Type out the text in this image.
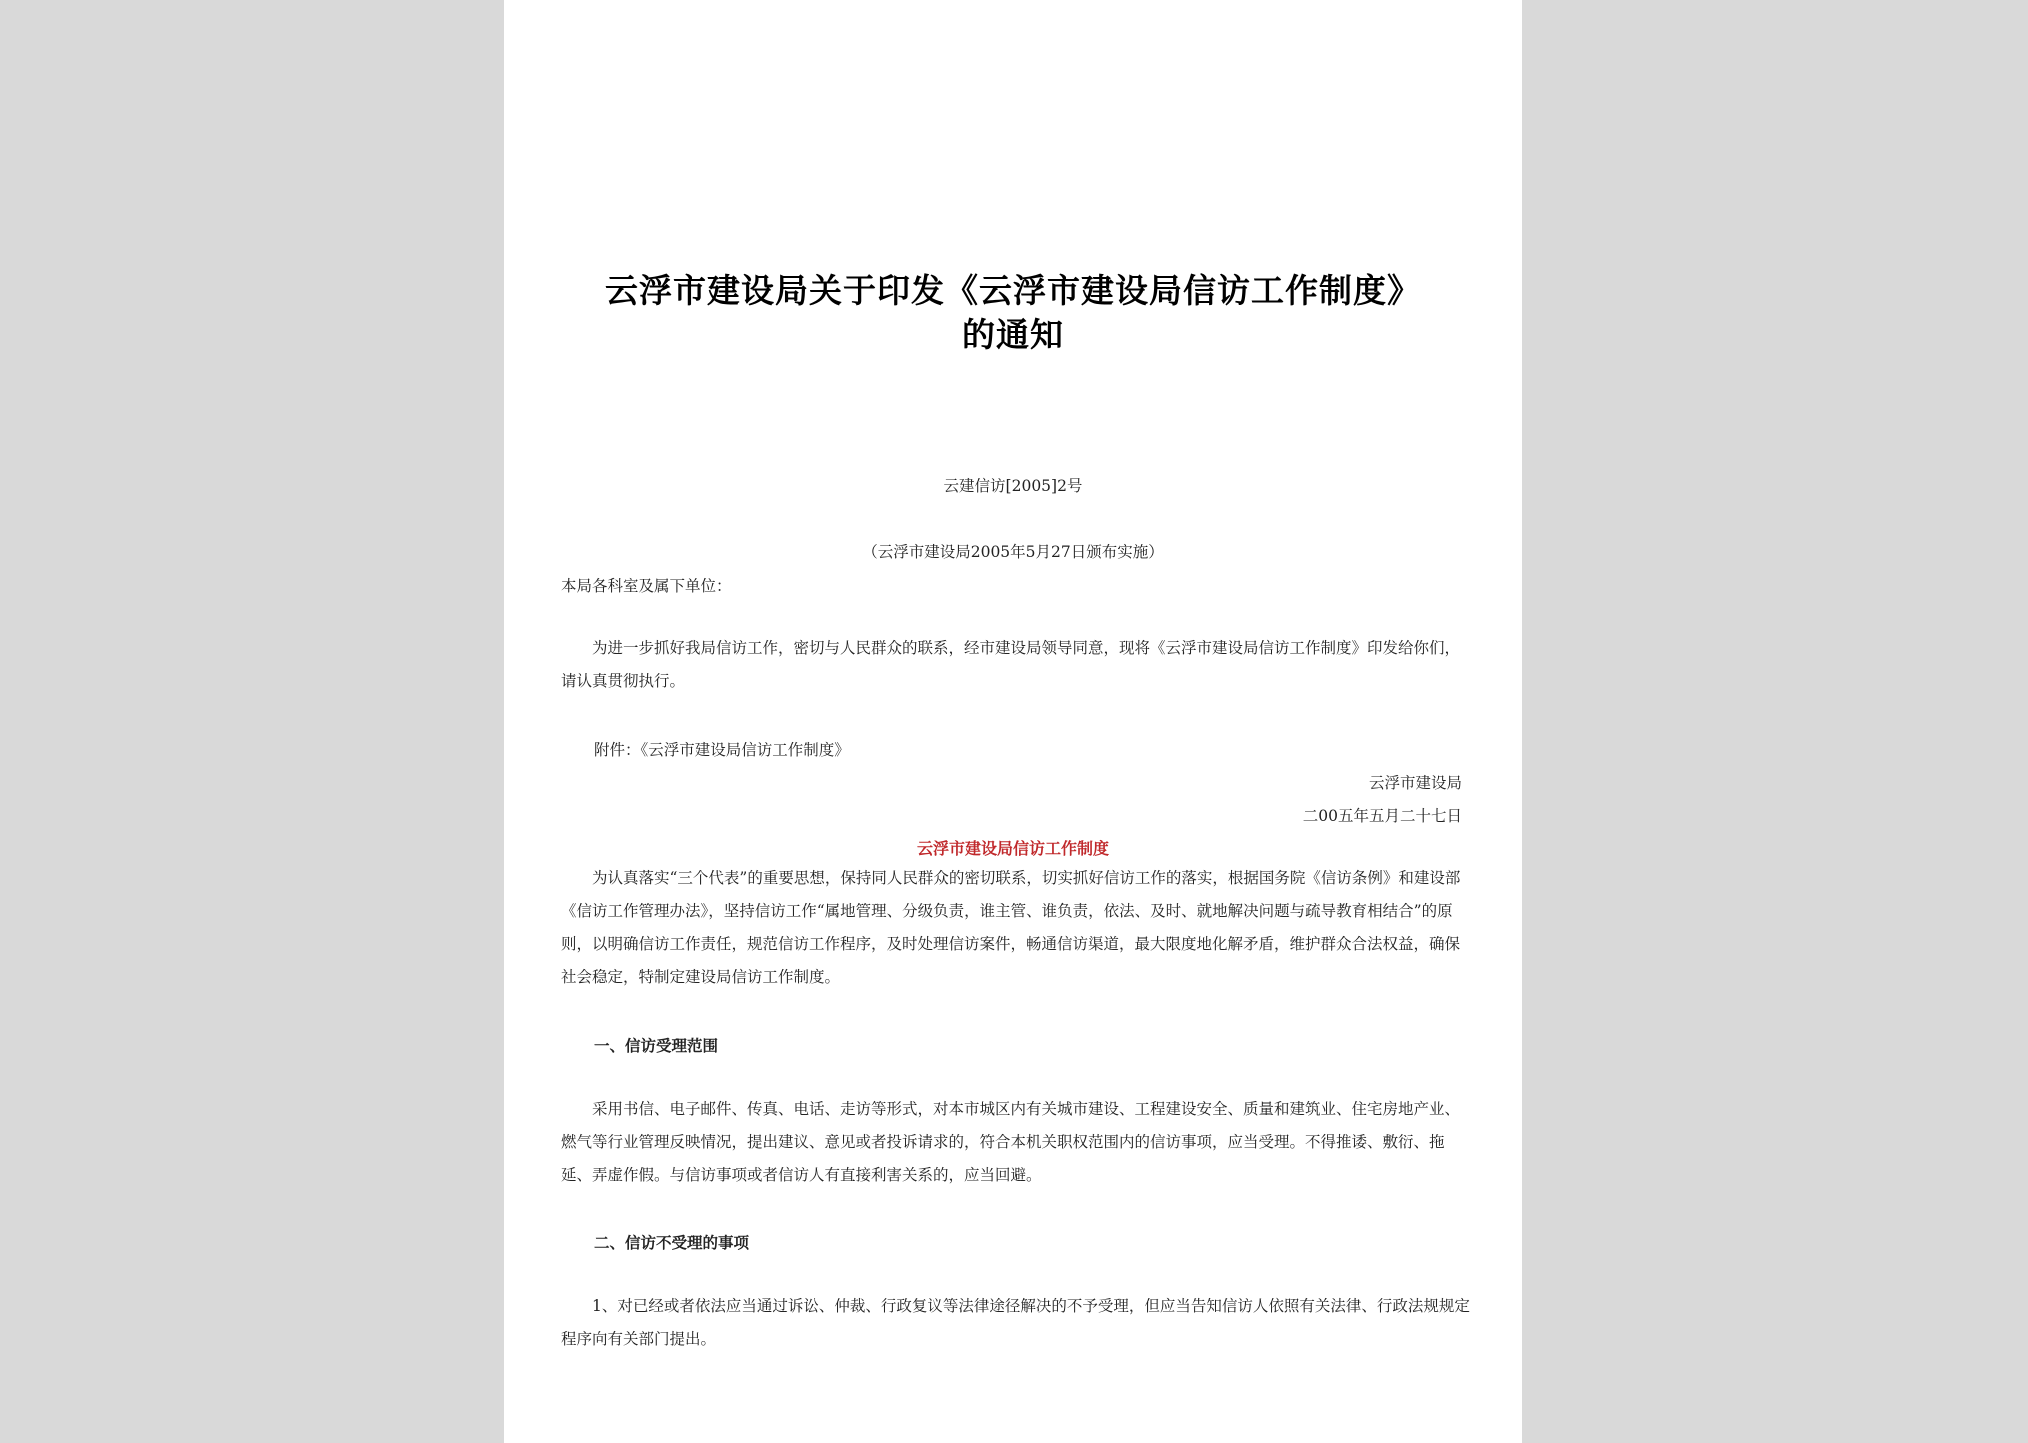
云浮市建设局关于印发《云浮市建设局信访工作制度》
的通知
云建信访[2005]2号
（云浮市建设局2005年5月27日颁布实施）
本局各科室及属下单位：
为进一步抓好我局信访工作，密切与人民群众的联系，经市建设局领导同意，现将《云浮市建设局信访工作制度》印发给你们，请认真贯彻执行。
附件：《云浮市建设局信访工作制度》
云浮市建设局
二00五年五月二十七日
云浮市建设局信访工作制度
为认真落实“三个代表”的重要思想，保持同人民群众的密切联系，切实抓好信访工作的落实，根据国务院《信访条例》和建设部《信访工作管理办法》，坚持信访工作“属地管理、分级负责，谁主管、谁负责，依法、及时、就地解决问题与疏导教育相结合”的原则，以明确信访工作责任，规范信访工作程序，及时处理信访案件，畅通信访渠道，最大限度地化解矛盾，维护群众合法权益，确保社会稳定，特制定建设局信访工作制度。
一、信访受理范围
采用书信、电子邮件、传真、电话、走访等形式，对本市城区内有关城市建设、工程建设安全、质量和建筑业、住宅房地产业、燃气等行业管理反映情况，提出建议、意见或者投诉请求的，符合本机关职权范围内的信访事项，应当受理。不得推诿、敷衍、拖延、弄虚作假。与信访事项或者信访人有直接利害关系的，应当回避。
二、信访不受理的事项
1、对已经或者依法应当通过诉讼、仲裁、行政复议等法律途径解决的不予受理，但应当告知信访人依照有关法律、行政法规规定程序向有关部门提出。
